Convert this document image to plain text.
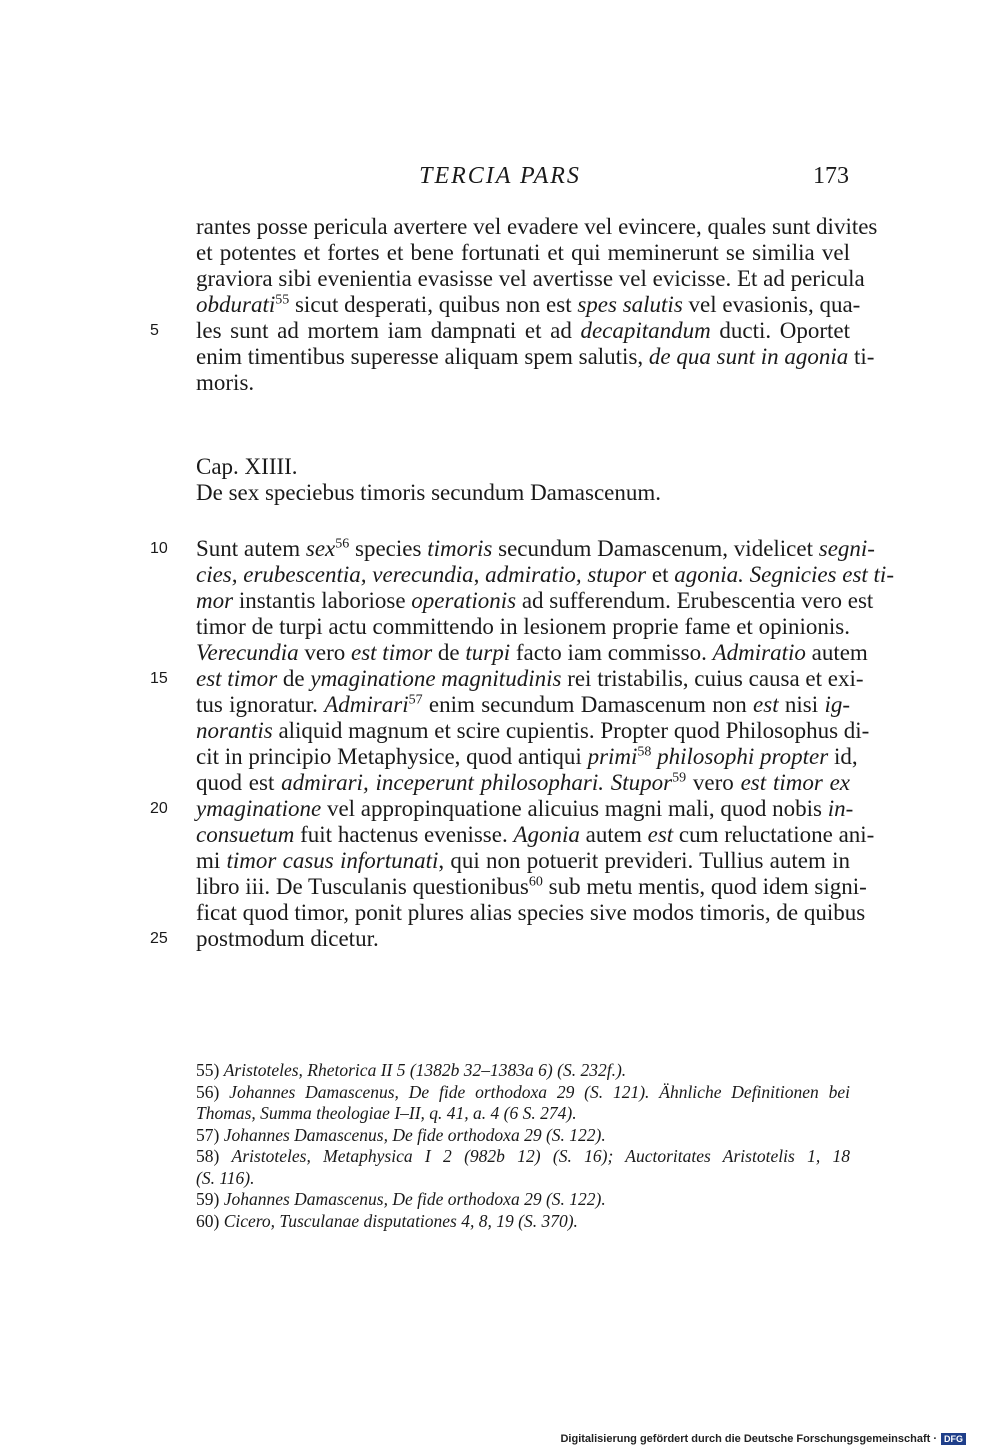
TERCIA PARS	173
rantes posse pericula avertere vel evadere vel evincere, quales sunt divites
et potentes et fortes et bene fortunati et qui meminerunt se similia vel
graviora sibi evenientia evasisse vel avertisse vel evicisse. Et ad pericula
obdurati$^{55}$ sicut desperati, quibus non est spes salutis vel evasionis, qua-
5	les sunt ad mortem iam dampnati et ad decapitandum ducti. Oportet
enim timentibus superesse aliquam spem salutis, de qua sunt in agonia ti-
moris.
Cap. XIIII.
De sex speciebus timoris secundum Damascenum.
10 Sunt autem sex$^{56}$ species timoris secundum Damascenum, videlicet segni-
cies, erubescentia, verecundia, admiratio, stupor et agonia. Segnicies est ti-
mor instantis laboriose operationis ad sufferendum. Erubescentia vero est
timor de turpi actu committendo in lesionem proprie fame et opinionis.
Verecundia vero est timor de turpi facto iam commisso. Admiratio autem
15 est timor de ymaginatione magnitudinis rei tristabilis, cuius causa et exi-
tus ignoratur. Admirari$^{57}$ enim secundum Damascenum non est nisi ig-
norantis aliquid magnum et scire cupientis. Propter quod Philosophus di-
cit in principio Metaphysice, quod antiqui primi$^{58}$ philosophi propter id,
quod est admirari, inceperunt philosophari. Stupor$^{59}$ vero est timor ex
20 ymaginatione vel appropinquatione alicuius magni mali, quod nobis in-
consuetum fuit hactenus evenisse. Agonia autem est cum reluctatione ani-
mi timor casus infortunati, qui non potuerit previderi. Tullius autem in
libro iii. De Tusculanis questionibus$^{60}$ sub metu mentis, quod idem signi-
ficat quod timor, ponit plures alias species sive modos timoris, de quibus
25 postmodum dicetur.
55) Aristoteles, Rhetorica II 5 (1382b 32–1383a 6) (S. 232f.).
56) Johannes Damascenus, De fide orthodoxa 29 (S. 121). Ähnliche Definitionen bei
Thomas, Summa theologiae I–II, q. 41, a. 4 (6 S. 274).
57) Johannes Damascenus, De fide orthodoxa 29 (S. 122).
58) Aristoteles, Metaphysica I 2 (982b 12) (S. 16); Auctoritates Aristotelis 1, 18
(S. 116).
59) Johannes Damascenus, De fide orthodoxa 29 (S. 122).
60) Cicero, Tusculanae disputationes 4, 8, 19 (S. 370).
Digitalisierung gefördert durch die Deutsche Forschungsgemeinschaft · DFG
